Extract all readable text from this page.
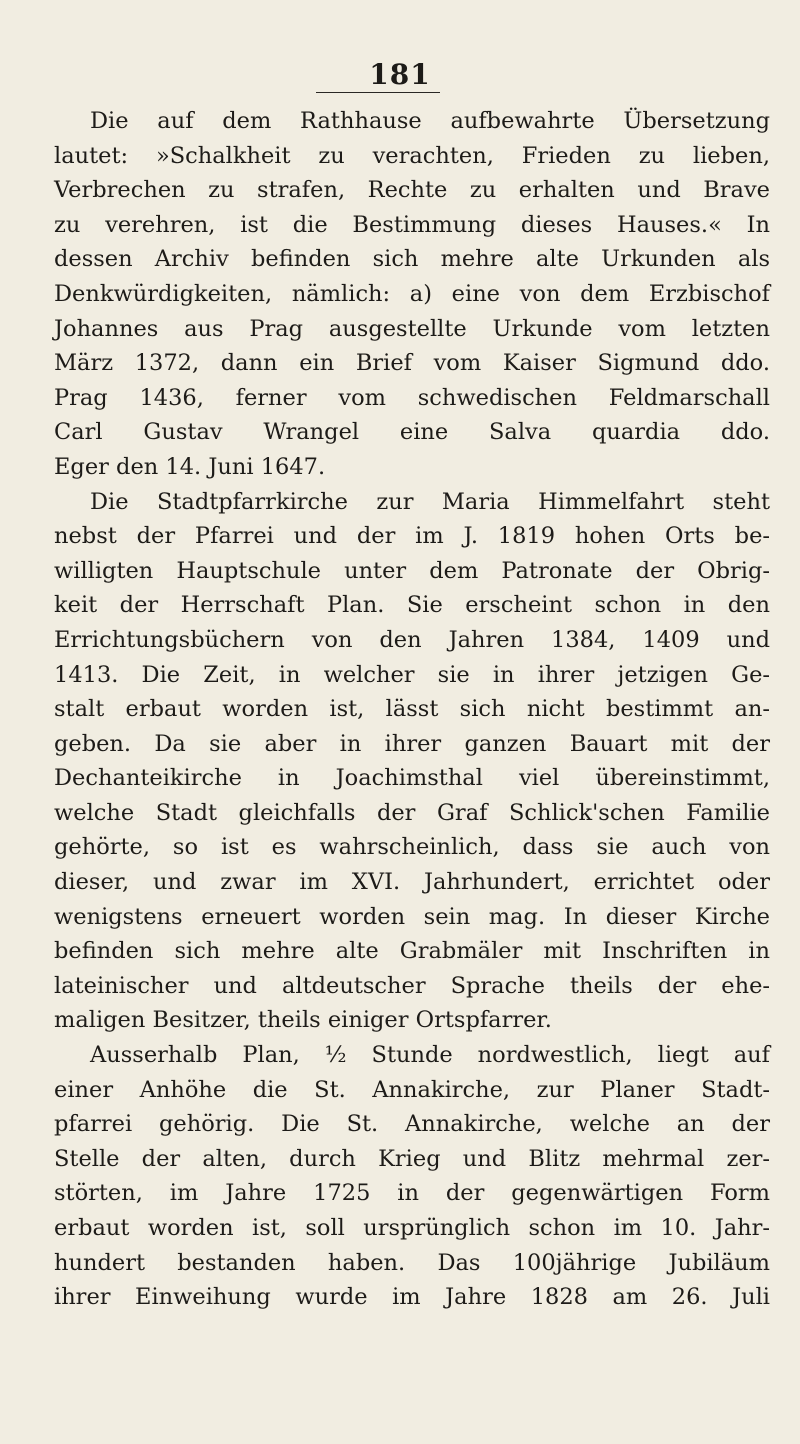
181
Die auf dem Rathhause aufbewahrte Übersetzung
lautet: »Schalkheit zu verachten, Frieden zu lieben,
Verbrechen zu strafen, Rechte zu erhalten und Brave
zu verehren, ist die Bestimmung dieses Hauses.« In
dessen Archiv befinden sich mehre alte Urkunden als
Denkwürdigkeiten, nämlich: a) eine von dem Erzbischof
Johannes aus Prag ausgestellte Urkunde vom letzten
März 1372, dann ein Brief vom Kaiser Sigmund ddo.
Prag 1436, ferner vom schwedischen Feldmarschall
Carl Gustav Wrangel eine Salva quardia ddo.
Eger den 14. Juni 1647.
Die Stadtpfarrkirche zur Maria Himmelfahrt steht
nebst der Pfarrei und der im J. 1819 hohen Orts be-
willigten Hauptschule unter dem Patronate der Obrig-
keit der Herrschaft Plan. Sie erscheint schon in den
Errichtungsbüchern von den Jahren 1384, 1409 und
1413. Die Zeit, in welcher sie in ihrer jetzigen Ge-
stalt erbaut worden ist, lässt sich nicht bestimmt an-
geben. Da sie aber in ihrer ganzen Bauart mit der
Dechanteikirche in Joachimsthal viel übereinstimmt,
welche Stadt gleichfalls der Graf Schlick'schen Familie
gehörte, so ist es wahrscheinlich, dass sie auch von
dieser, und zwar im XVI. Jahrhundert, errichtet oder
wenigstens erneuert worden sein mag. In dieser Kirche
befinden sich mehre alte Grabmäler mit Inschriften in
lateinischer und altdeutscher Sprache theils der ehe-
maligen Besitzer, theils einiger Ortspfarrer.
Ausserhalb Plan, ½ Stunde nordwestlich, liegt auf
einer Anhöhe die St. Annakirche, zur Planer Stadt-
pfarrei gehörig. Die St. Annakirche, welche an der
Stelle der alten, durch Krieg und Blitz mehrmal zer-
störten, im Jahre 1725 in der gegenwärtigen Form
erbaut worden ist, soll ursprünglich schon im 10. Jahr-
hundert bestanden haben. Das 100jährige Jubiläum
ihrer Einweihung wurde im Jahre 1828 am 26. Juli
